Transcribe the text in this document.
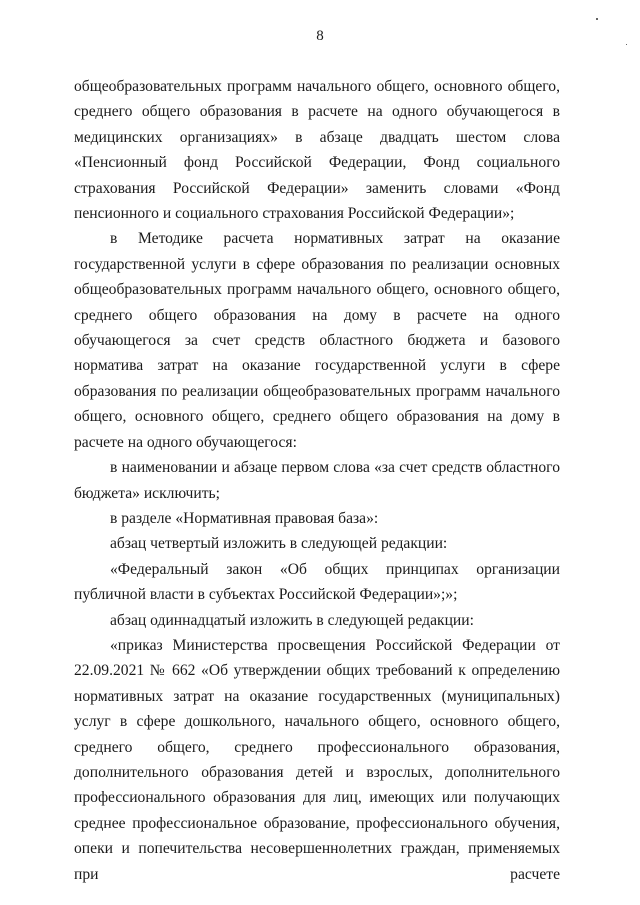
8

общеобразовательных программ начального общего, основного общего, среднего общего образования в расчете на одного обучающегося в медицинских организациях» в абзаце двадцать шестом слова «Пенсионный фонд Российской Федерации, Фонд социального страхования Российской Федерации» заменить словами «Фонд пенсионного и социального страхования Российской Федерации»;

в Методике расчета нормативных затрат на оказание государственной услуги в сфере образования по реализации основных общеобразовательных программ начального общего, основного общего, среднего общего образования на дому в расчете на одного обучающегося за счет средств областного бюджета и базового норматива затрат на оказание государственной услуги в сфере образования по реализации общеобразовательных программ начального общего, основного общего, среднего общего образования на дому в расчете на одного обучающегося:

в наименовании и абзаце первом слова «за счет средств областного бюджета» исключить;

в разделе «Нормативная правовая база»:

абзац четвертый изложить в следующей редакции:

«Федеральный закон «Об общих принципах организации публичной власти в субъектах Российской Федерации»;»;

абзац одиннадцатый изложить в следующей редакции:

«приказ Министерства просвещения Российской Федерации от 22.09.2021 № 662 «Об утверждении общих требований к определению нормативных затрат на оказание государственных (муниципальных) услуг в сфере дошкольного, начального общего, основного общего, среднего общего, среднего профессионального образования, дополнительного образования детей и взрослых, дополнительного профессионального образования для лиц, имеющих или получающих среднее профессиональное образование, профессионального обучения, опеки и попечительства несовершеннолетних граждан, применяемых при расчете
